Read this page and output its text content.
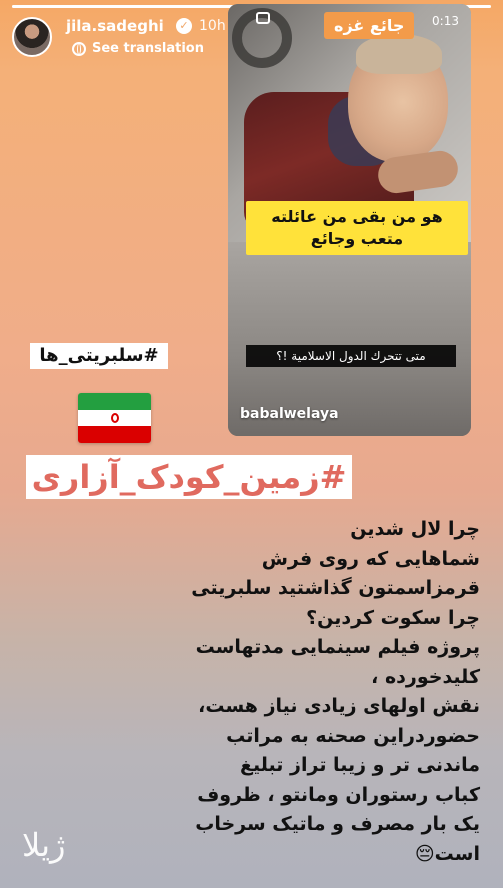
jila.sadeghi	✓ 10h
See translation
جائع غزه	0:13
هو من بقى من عائلته متعب وجائع
متى تتحرك الدول الاسلامية !؟
babalwelaya
#سلبریتی_ها
#زمین_کودک_آزاری
چرا لال شدین
شماهایی که روی فرش
قرمزاسمتون گذاشتید سلبریتی
چرا سکوت کردین؟
پروژه فیلم سینمایی مدتهاست
کلیدخورده ،
نقش اولهای زیادی نیاز هست،
حضوردراین صحنه به مراتب
ماندنی تر و زیبا تراز تبلیغ
کباب رستوران ومانتو ، ظروف
یک بار مصرف و ماتیک سرخاب
است😔
ژیلا
